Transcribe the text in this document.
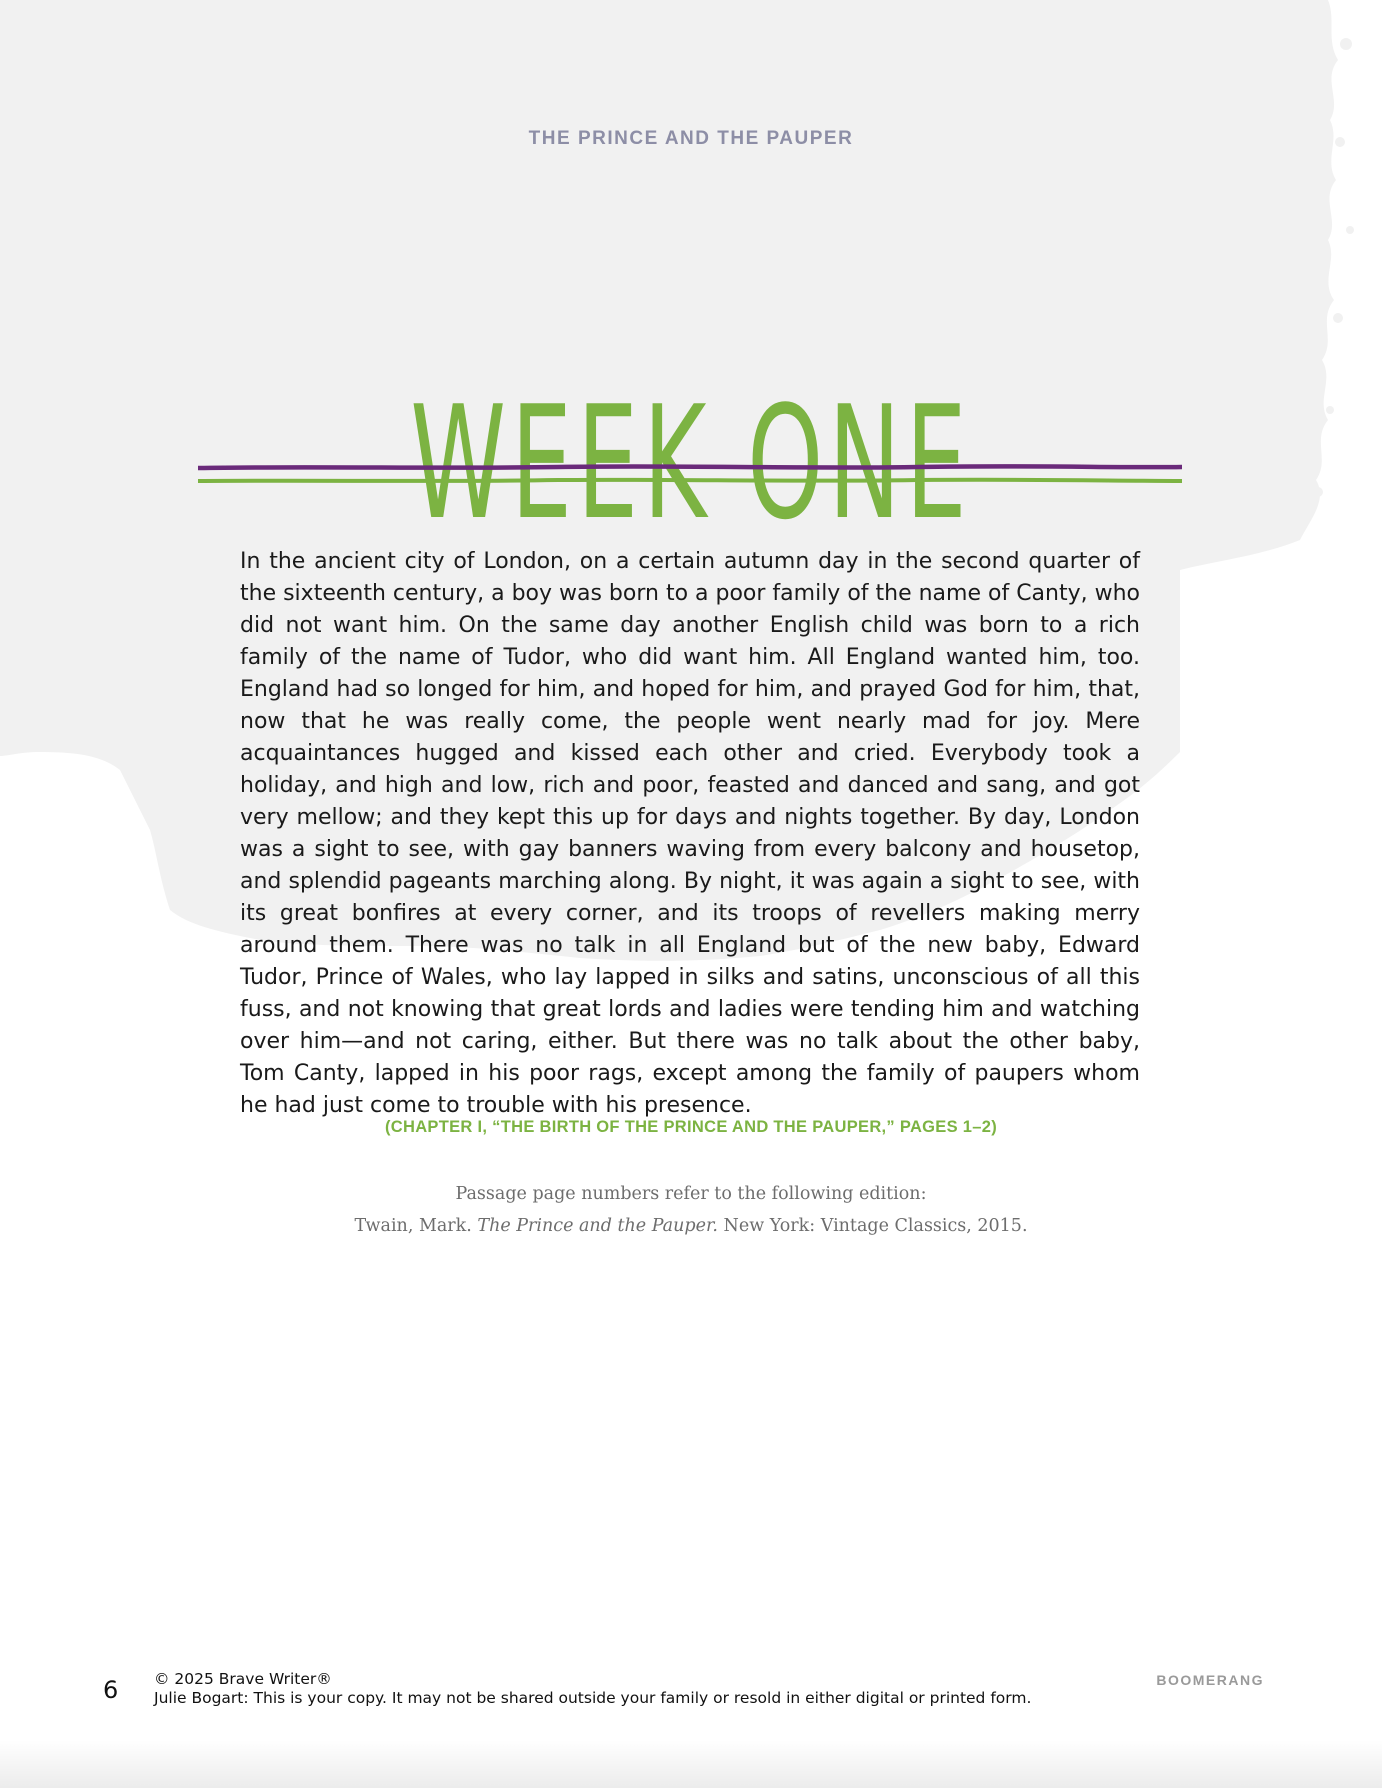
THE PRINCE AND THE PAUPER
WEEK ONE

In the ancient city of London, on a certain autumn day in the second quarter of the sixteenth century, a boy was born to a poor family of the name of Canty, who did not want him. On the same day another English child was born to a rich family of the name of Tudor, who did want him. All England wanted him, too. England had so longed for him, and hoped for him, and prayed God for him, that, now that he was really come, the people went nearly mad for joy. Mere acquaintances hugged and kissed each other and cried. Everybody took a holiday, and high and low, rich and poor, feasted and danced and sang, and got very mellow; and they kept this up for days and nights together. By day, London was a sight to see, with gay banners waving from every balcony and housetop, and splendid pageants marching along. By night, it was again a sight to see, with its great bonfires at every corner, and its troops of revellers making merry around them. There was no talk in all England but of the new baby, Edward Tudor, Prince of Wales, who lay lapped in silks and satins, unconscious of all this fuss, and not knowing that great lords and ladies were tending him and watching over him—and not caring, either. But there was no talk about the other baby, Tom Canty, lapped in his poor rags, except among the family of paupers whom he had just come to trouble with his presence.

(CHAPTER I, “THE BIRTH OF THE PRINCE AND THE PAUPER,” PAGES 1–2)
Passage page numbers refer to the following edition:
Twain, Mark. The Prince and the Pauper. New York: Vintage Classics, 2015.
6 © 2025 Brave Writer®
Julie Bogart: This is your copy. It may not be shared outside your family or resold in either digital or printed form.
BOOMERANG
